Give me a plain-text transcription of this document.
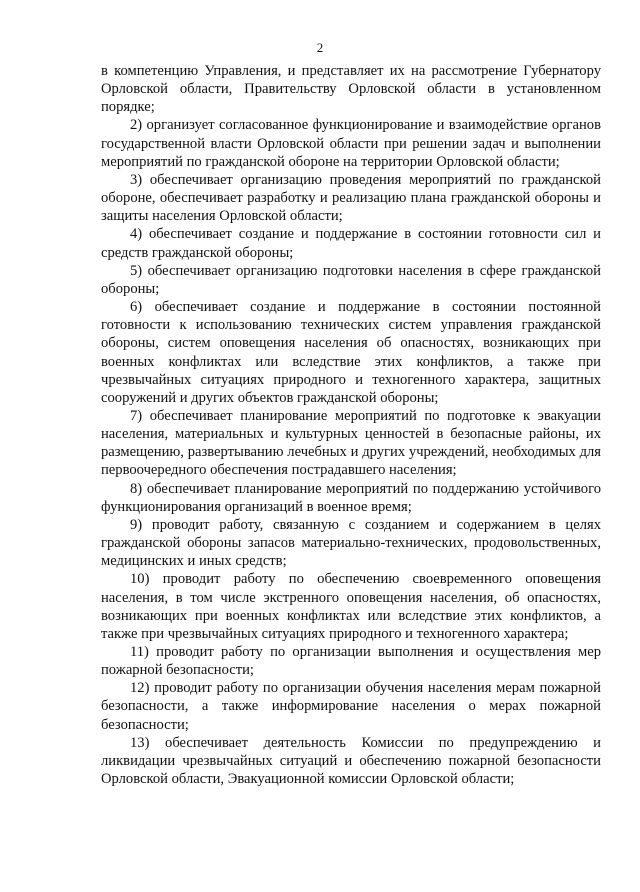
2

в компетенцию Управления, и представляет их на рассмотрение Губернатору Орловской области, Правительству Орловской области в установленном порядке;

2) организует согласованное функционирование и взаимодействие органов государственной власти Орловской области при решении задач и выполнении мероприятий по гражданской обороне на территории Орловской области;

3) обеспечивает организацию проведения мероприятий по гражданской обороне, обеспечивает разработку и реализацию плана гражданской обороны и защиты населения Орловской области;

4) обеспечивает создание и поддержание в состоянии готовности сил и средств гражданской обороны;

5) обеспечивает организацию подготовки населения в сфере гражданской обороны;

6) обеспечивает создание и поддержание в состоянии постоянной готовности к использованию технических систем управления гражданской обороны, систем оповещения населения об опасностях, возникающих при военных конфликтах или вследствие этих конфликтов, а также при чрезвычайных ситуациях природного и техногенного характера, защитных сооружений и других объектов гражданской обороны;

7) обеспечивает планирование мероприятий по подготовке к эвакуации населения, материальных и культурных ценностей в безопасные районы, их размещению, развертыванию лечебных и других учреждений, необходимых для первоочередного обеспечения пострадавшего населения;

8) обеспечивает планирование мероприятий по поддержанию устойчивого функционирования организаций в военное время;

9) проводит работу, связанную с созданием и содержанием в целях гражданской обороны запасов материально-технических, продовольственных, медицинских и иных средств;

10) проводит работу по обеспечению своевременного оповещения населения, в том числе экстренного оповещения населения, об опасностях, возникающих при военных конфликтах или вследствие этих конфликтов, а также при чрезвычайных ситуациях природного и техногенного характера;

11) проводит работу по организации выполнения и осуществления мер пожарной безопасности;

12) проводит работу по организации обучения населения мерам пожарной безопасности, а также информирование населения о мерах пожарной безопасности;

13) обеспечивает деятельность Комиссии по предупреждению и ликвидации чрезвычайных ситуаций и обеспечению пожарной безопасности Орловской области, Эвакуационной комиссии Орловской области;
